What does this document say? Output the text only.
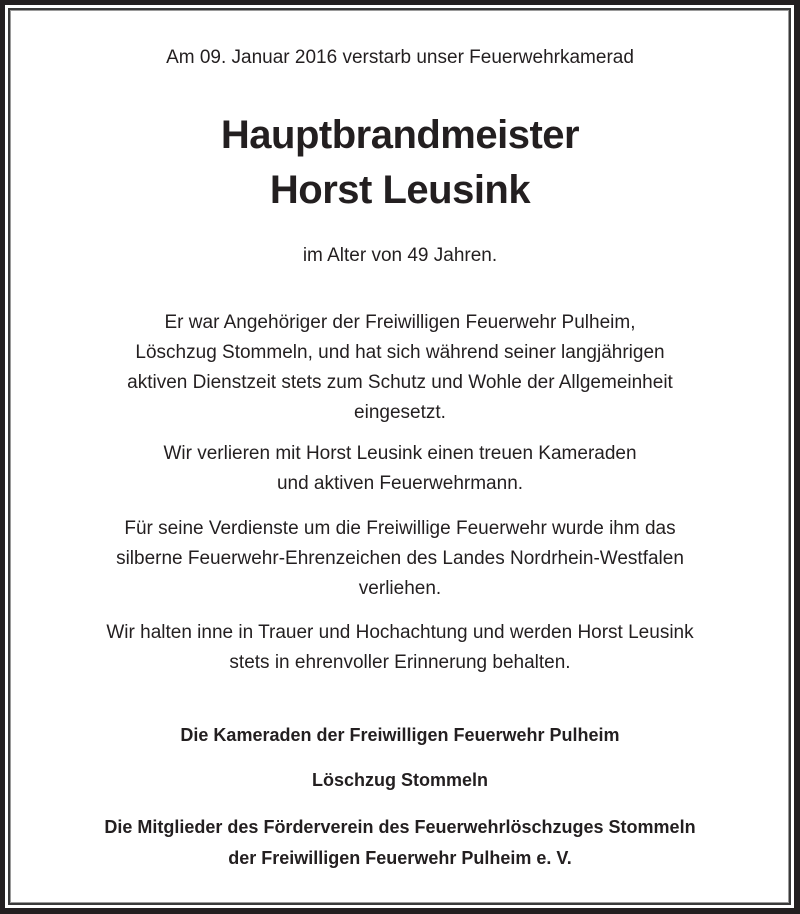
Am 09. Januar 2016 verstarb unser Feuerwehrkamerad
Hauptbrandmeister
Horst Leusink
im Alter von 49 Jahren.
Er war Angehöriger der Freiwilligen Feuerwehr Pulheim,
Löschzug Stommeln, und hat sich während seiner langjährigen
aktiven Dienstzeit stets zum Schutz und Wohle der Allgemeinheit
eingesetzt.
Wir verlieren mit Horst Leusink einen treuen Kameraden
und aktiven Feuerwehrmann.
Für seine Verdienste um die Freiwillige Feuerwehr wurde ihm das
silberne Feuerwehr-Ehrenzeichen des Landes Nordrhein-Westfalen
verliehen.
Wir halten inne in Trauer und Hochachtung und werden Horst Leusink
stets in ehrenvoller Erinnerung behalten.
Die Kameraden der Freiwilligen Feuerwehr Pulheim
Löschzug Stommeln
Die Mitglieder des Förderverein des Feuerwehrlöschzuges Stommeln
der Freiwilligen Feuerwehr Pulheim e. V.
